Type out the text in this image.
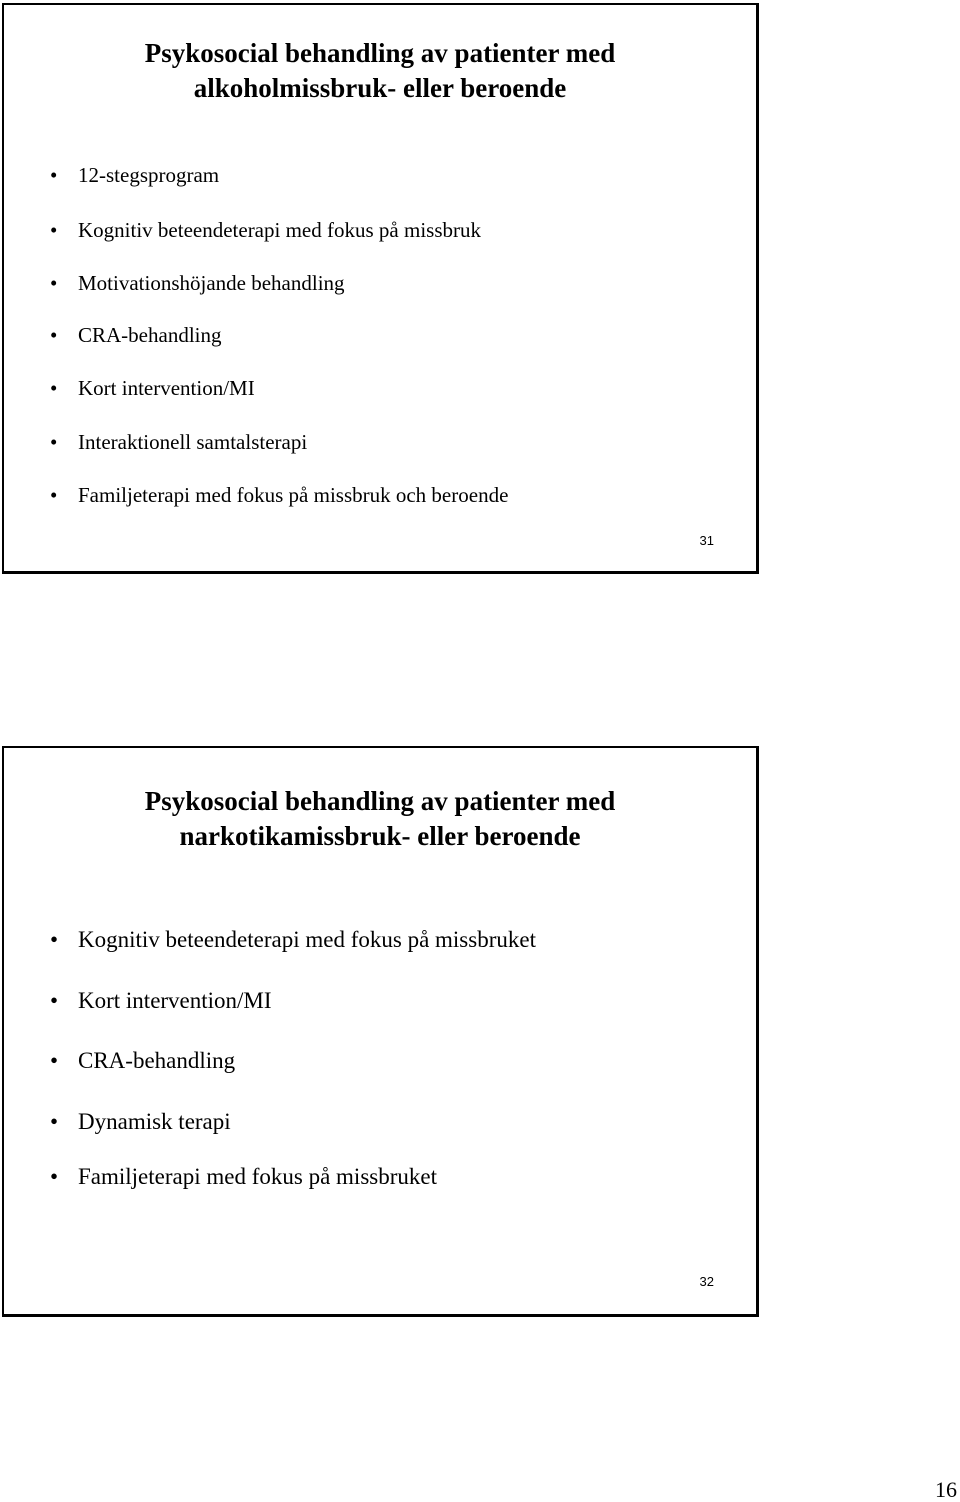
Psykosocial behandling av patienter med
alkoholmissbruk- eller beroende
• 12-stegsprogram
• Kognitiv beteendeterapi med fokus på missbruk
• Motivationshöjande behandling
• CRA-behandling
• Kort intervention/MI
• Interaktionell samtalsterapi
• Familjeterapi med fokus på missbruk och beroende
31
Psykosocial behandling av patienter med
narkotikamissbruk- eller beroende
• Kognitiv beteendeterapi med fokus på missbruket
• Kort intervention/MI
• CRA-behandling
• Dynamisk terapi
• Familjeterapi med fokus på missbruket
32
16
